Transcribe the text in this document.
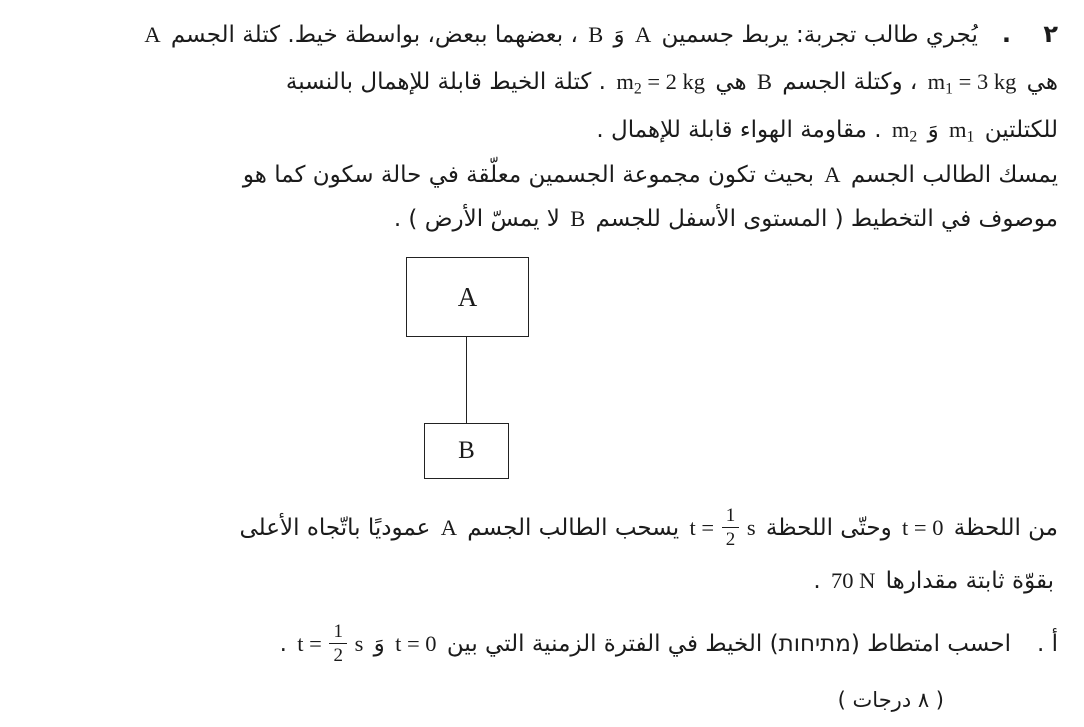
٢ .يُجري طالب تجربة: يربط جسمين A وَ B ، بعضهما ببعض، بواسطة خيط. كتلة الجسم A
هي $m_1 = 3$ kg ، وكتلة الجسم B هي $m_2 = 2$ kg . كتلة الخيط قابلة للإهمال بالنسبة
للكتلتين $m_1$ وَ $m_2$ . مقاومة الهواء قابلة للإهمال .
يمسك الطالب الجسم A بحيث تكون مجموعة الجسمين معلّقة في حالة سكون كما هو
موصوف في التخطيط ( المستوى الأسفل للجسم B لا يمسّ الأرض ) .
A
B
من اللحظة t = 0 وحتّى اللحظة $t = \frac{1}{2}$ s يسحب الطالب الجسم A عموديًا باتّجاه الأعلى
بقوّة ثابتة مقدارها 70 N .
أ .احسب امتطاط (מתיחות) الخيط في الفترة الزمنية التي بين t = 0 وَ $t = \frac{1}{2}$ s .
( ٨ درجات )
